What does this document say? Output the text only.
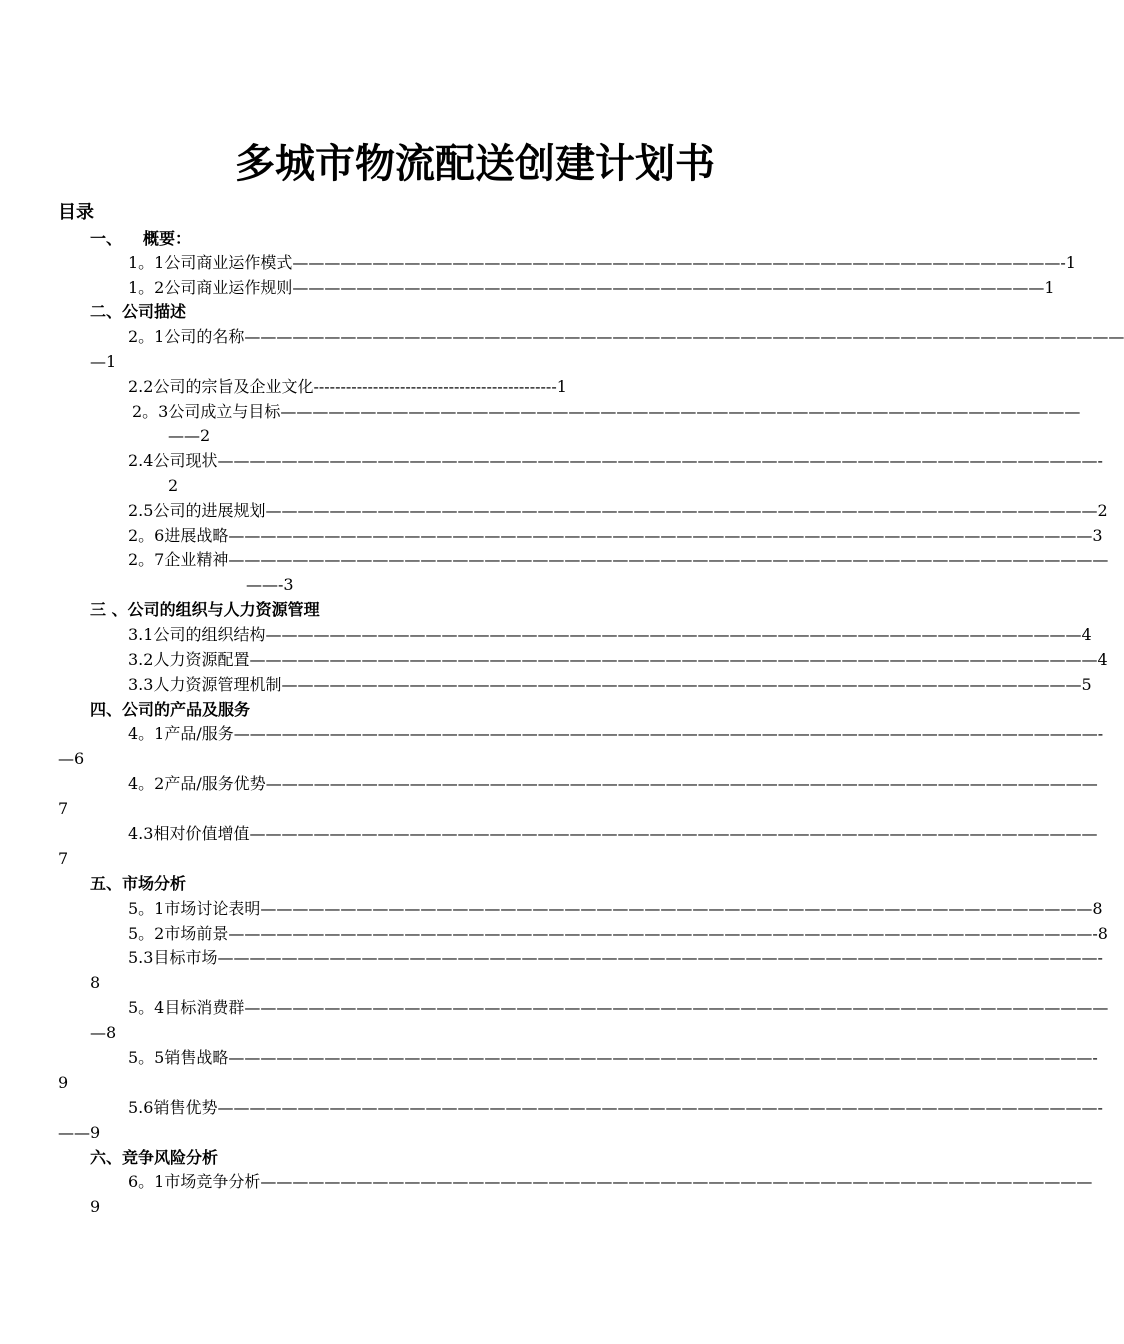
多城市物流配送创建计划书
目录
一、 概要：
1。1公司商业运作模式————————————————————————————————————————————————-1
1。2公司商业运作规则———————————————————————————————————————————————1
二、公司描述
2。1公司的名称———————————————————————————————————————————————————————
—1
2.2公司的宗旨及企业文化---------------------------------------------1
2。3公司成立与目标——————————————————————————————————————————————————
——2
2.4公司现状———————————————————————————————————————————————————————-
2
2.5公司的进展规划————————————————————————————————————————————————————2
2。6进展战略——————————————————————————————————————————————————————3
2。7企业精神———————————————————————————————————————————————————————
——-3
三 、公司的组织与人力资源管理
3.1公司的组织结构———————————————————————————————————————————————————4
3.2人力资源配置—————————————————————————————————————————————————————4
3.3人力资源管理机制——————————————————————————————————————————————————5
四、公司的产品及服务
4。1产品/服务——————————————————————————————————————————————————————-
—6
4。2产品/服务优势————————————————————————————————————————————————————
7
4.3相对价值增值—————————————————————————————————————————————————————
7
五、市场分析
5。1市场讨论表明————————————————————————————————————————————————————8
5。2市场前景——————————————————————————————————————————————————————-8
5.3目标市场———————————————————————————————————————————————————————-
8
5。4目标消费群——————————————————————————————————————————————————————
—8
5。5销售战略——————————————————————————————————————————————————————-
9
5.6销售优势———————————————————————————————————————————————————————-
——9
六、竞争风险分析
6。1市场竞争分析————————————————————————————————————————————————————
9
